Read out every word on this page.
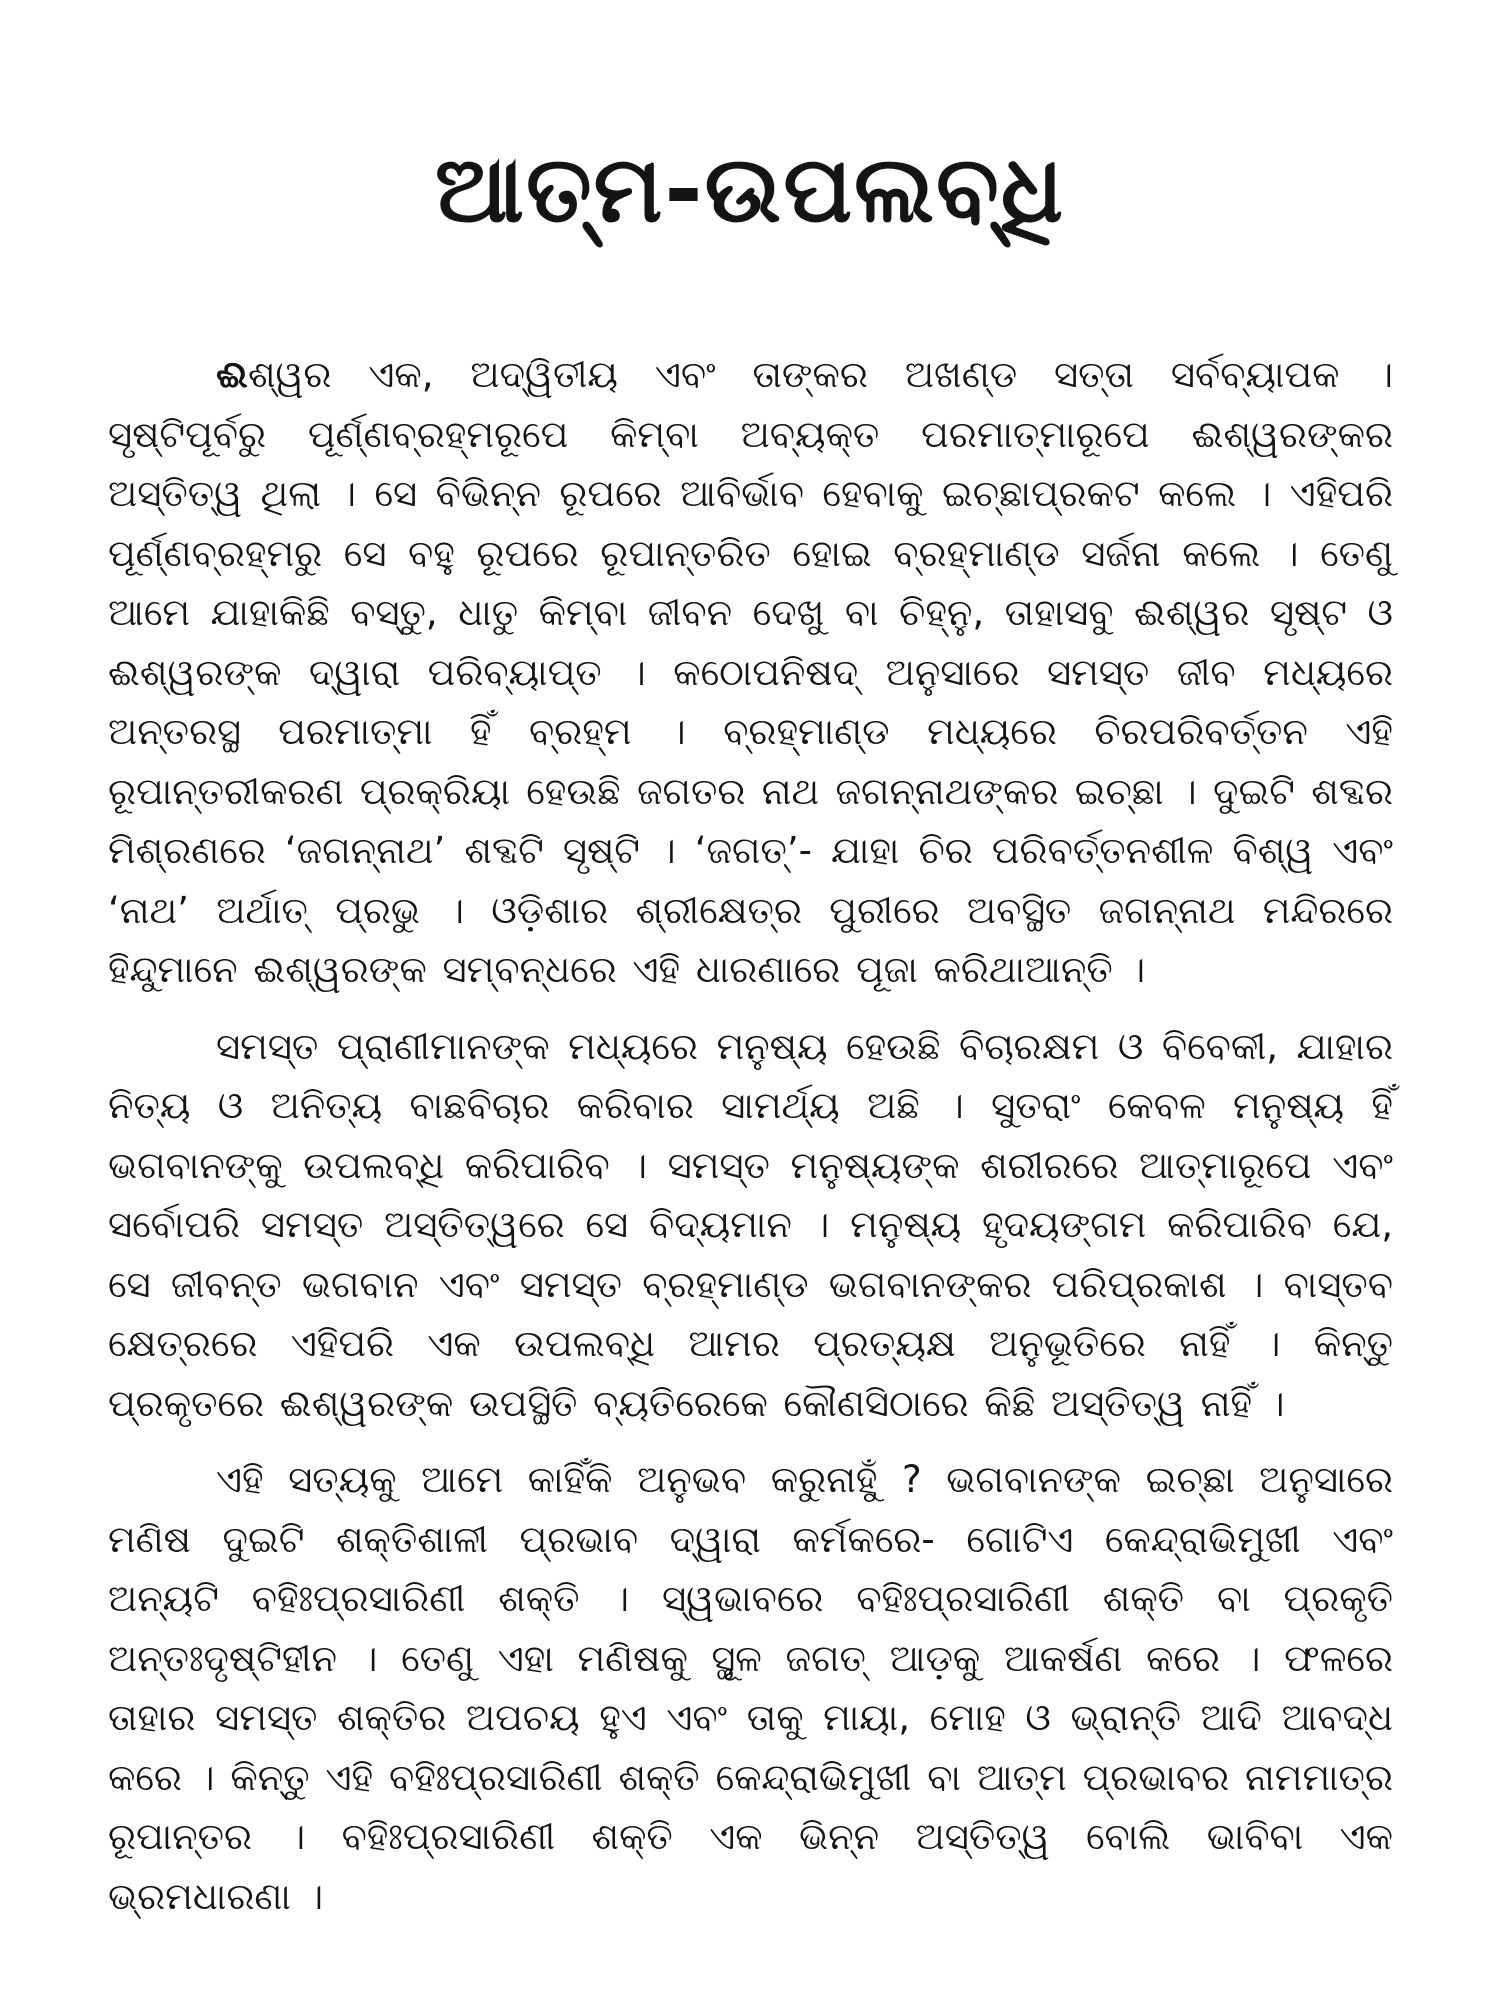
ଆତ୍ମ-ଉପଲବ୍ଧି

ଈଶ୍ୱର ଏକ, ଅଦ୍ୱିତୀୟ ଏବଂ ତାଙ୍କର ଅଖଣ୍ଡ ସତ୍ତା ସର୍ବବ୍ୟାପକ । ସୃଷ୍ଟିପୂର୍ବରୁ ପୂର୍ଣ୍ଣବ୍ରହ୍ମରୂପେ କିମ୍ବା ଅବ୍ୟକ୍ତ ପରମାତ୍ମାରୂପେ ଈଶ୍ୱରଙ୍କର ଅସ୍ତିତ୍ୱ ଥିଲା । ସେ ବିଭିନ୍ନ ରୂପରେ ଆବିର୍ଭାବ ହେବାକୁ ଇଚ୍ଛାପ୍ରକଟ କଲେ । ଏହିପରି ପୂର୍ଣ୍ଣବ୍ରହ୍ମରୁ ସେ ବହୁ ରୂପରେ ରୂପାନ୍ତରିତ ହୋଇ ବ୍ରହ୍ମାଣ୍ଡ ସର୍ଜନା କଲେ । ତେଣୁ ଆମେ ଯାହାକିଛି ବସ୍ତୁ, ଧାତୁ କିମ୍ବା ଜୀବନ ଦେଖୁ ବା ଚିହ୍ନୁ, ତାହାସବୁ ଈଶ୍ୱର ସୃଷ୍ଟ ଓ ଈଶ୍ୱରଙ୍କ ଦ୍ୱାରା ପରିବ୍ୟାପ୍ତ । କଠୋପନିଷଦ୍ ଅନୁସାରେ ସମସ୍ତ ଜୀବ ମଧ୍ୟରେ ଅନ୍ତରସ୍ଥ ପରମାତ୍ମା ହିଁ ବ୍ରହ୍ମ । ବ୍ରହ୍ମାଣ୍ଡ ମଧ୍ୟରେ ଚିରପରିବର୍ତ୍ତନ ଏହି ରୂପାନ୍ତରୀକରଣ ପ୍ରକ୍ରିୟା ହେଉଛି ଜଗତର ନାଥ ଜଗନ୍ନାଥଙ୍କର ଇଚ୍ଛା । ଦୁଇଟି ଶବ୍ଦର ମିଶ୍ରଣରେ ‘ଜଗନ୍ନାଥ’ ଶବ୍ଦଟି ସୃଷ୍ଟି । ‘ଜଗତ୍’- ଯାହା ଚିର ପରିବର୍ତ୍ତନଶୀଳ ବିଶ୍ୱ ଏବଂ ‘ନାଥ’ ଅର୍ଥାତ୍ ପ୍ରଭୁ । ଓଡ଼ିଶାର ଶ୍ରୀକ୍ଷେତ୍ର ପୁରୀରେ ଅବସ୍ଥିତ ଜଗନ୍ନାଥ ମନ୍ଦିରରେ ହିନ୍ଦୁମାନେ ଈଶ୍ୱରଙ୍କ ସମ୍ବନ୍ଧରେ ଏହି ଧାରଣାରେ ପୂଜା କରିଥାଆନ୍ତି ।

ସମସ୍ତ ପ୍ରାଣୀମାନଙ୍କ ମଧ୍ୟରେ ମନୁଷ୍ୟ ହେଉଛି ବିଚାରକ୍ଷମ ଓ ବିବେକୀ, ଯାହାର ନିତ୍ୟ ଓ ଅନିତ୍ୟ ବାଛବିଚାର କରିବାର ସାମର୍ଥ୍ୟ ଅଛି । ସୁତରାଂ କେବଳ ମନୁଷ୍ୟ ହିଁ ଭଗବାନଙ୍କୁ ଉପଲବ୍ଧି କରିପାରିବ । ସମସ୍ତ ମନୁଷ୍ୟଙ୍କ ଶରୀରରେ ଆତ୍ମାରୂପେ ଏବଂ ସର୍ବୋପରି ସମସ୍ତ ଅସ୍ତିତ୍ୱରେ ସେ ବିଦ୍ୟମାନ । ମନୁଷ୍ୟ ହୃଦୟଙ୍ଗମ କରିପାରିବ ଯେ, ସେ ଜୀବନ୍ତ ଭଗବାନ ଏବଂ ସମସ୍ତ ବ୍ରହ୍ମାଣ୍ଡ ଭଗବାନଙ୍କର ପରିପ୍ରକାଶ । ବାସ୍ତବ କ୍ଷେତ୍ରରେ ଏହିପରି ଏକ ଉପଲବ୍ଧି ଆମର ପ୍ରତ୍ୟକ୍ଷ ଅନୁଭୂତିରେ ନାହିଁ । କିନ୍ତୁ ପ୍ରକୃତରେ ଈଶ୍ୱରଙ୍କ ଉପସ୍ଥିତି ବ୍ୟତିରେକେ କୌଣସିଠାରେ କିଛି ଅସ୍ତିତ୍ୱ ନାହିଁ ।

ଏହି ସତ୍ୟକୁ ଆମେ କାହିଁକି ଅନୁଭବ କରୁନାହୁଁ ? ଭଗବାନଙ୍କ ଇଚ୍ଛା ଅନୁସାରେ ମଣିଷ ଦୁଇଟି ଶକ୍ତିଶାଳୀ ପ୍ରଭାବ ଦ୍ୱାରା କର୍ମକରେ- ଗୋଟିଏ କେନ୍ଦ୍ରାଭିମୁଖୀ ଏବଂ ଅନ୍ୟଟି ବହିଃପ୍ରସାରିଣୀ ଶକ୍ତି । ସ୍ୱଭାବରେ ବହିଃପ୍ରସାରିଣୀ ଶକ୍ତି ବା ପ୍ରକୃତି ଅନ୍ତଃଦୃଷ୍ଟିହୀନ । ତେଣୁ ଏହା ମଣିଷକୁ ସ୍ଥୂଳ ଜଗତ୍ ଆଡ଼କୁ ଆକର୍ଷଣ କରେ । ଫଳରେ ତାହାର ସମସ୍ତ ଶକ୍ତିର ଅପଚୟ ହୁଏ ଏବଂ ତାକୁ ମାୟା, ମୋହ ଓ ଭ୍ରାନ୍ତି ଆଦି ଆବଦ୍ଧ କରେ । କିନ୍ତୁ ଏହି ବହିଃପ୍ରସାରିଣୀ ଶକ୍ତି କେନ୍ଦ୍ରାଭିମୁଖୀ ବା ଆତ୍ମ ପ୍ରଭାବର ନାମମାତ୍ର ରୂପାନ୍ତର । ବହିଃପ୍ରସାରିଣୀ ଶକ୍ତି ଏକ ଭିନ୍ନ ଅସ୍ତିତ୍ୱ ବୋଲି ଭାବିବା ଏକ ଭ୍ରମଧାରଣା ।
